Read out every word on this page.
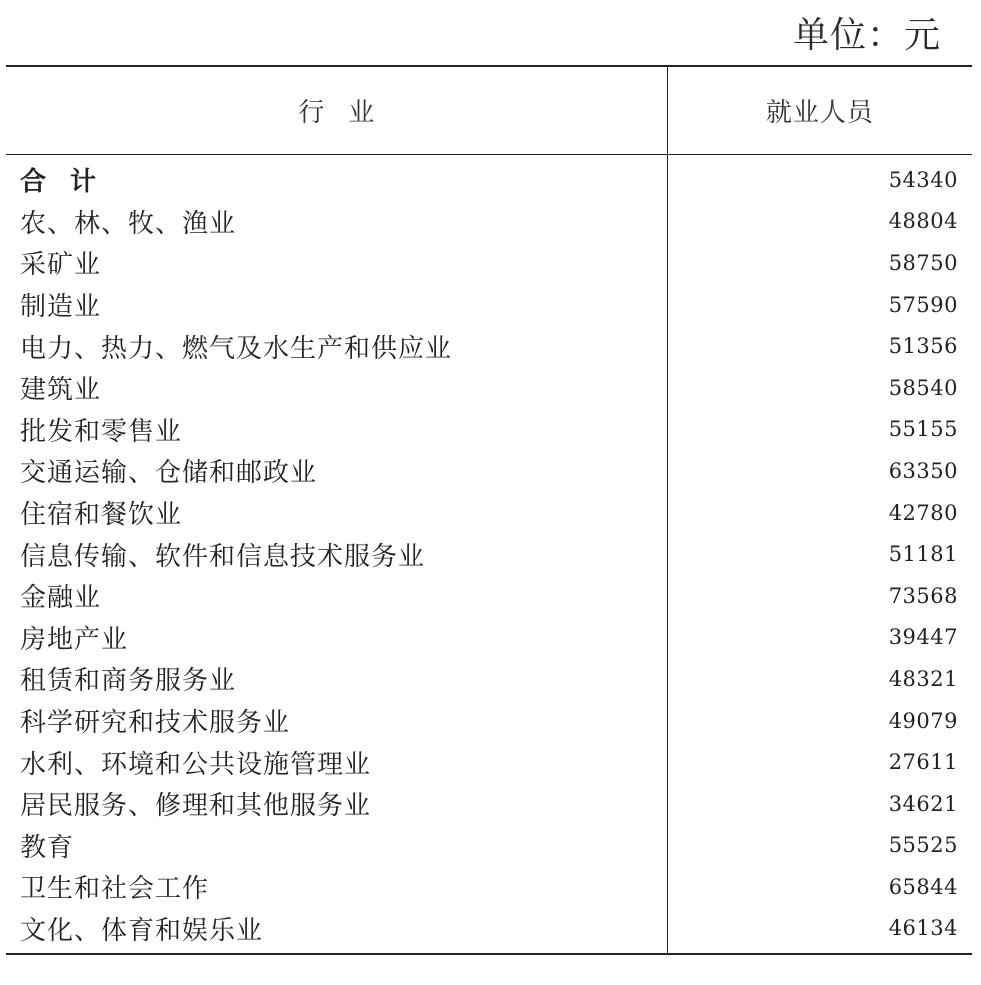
单位：元
行业	就业人员
合计	54340
农、林、牧、渔业	48804
采矿业	58750
制造业	57590
电力、热力、燃气及水生产和供应业	51356
建筑业	58540
批发和零售业	55155
交通运输、仓储和邮政业	63350
住宿和餐饮业	42780
信息传输、软件和信息技术服务业	51181
金融业	73568
房地产业	39447
租赁和商务服务业	48321
科学研究和技术服务业	49079
水利、环境和公共设施管理业	27611
居民服务、修理和其他服务业	34621
教育	55525
卫生和社会工作	65844
文化、体育和娱乐业	46134
